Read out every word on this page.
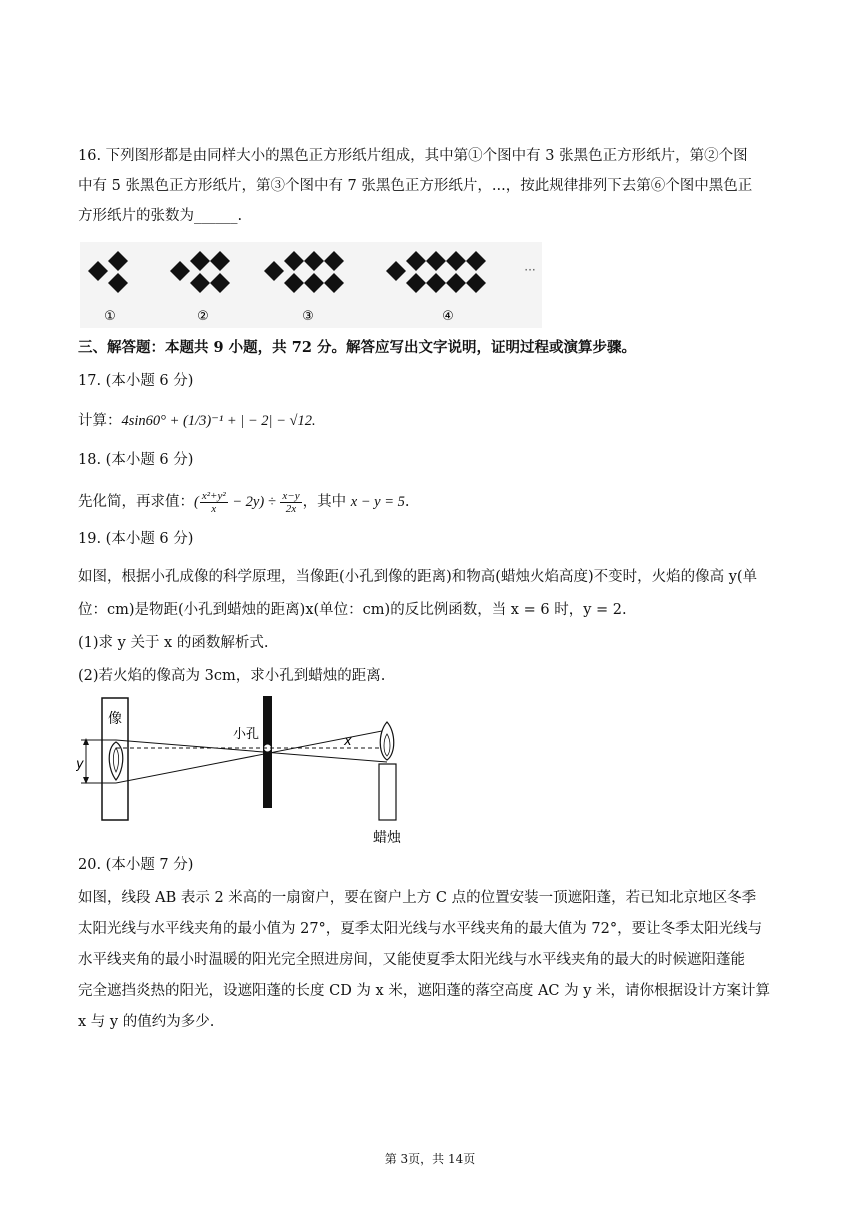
16. 下列图形都是由同样大小的黑色正方形纸片组成，其中第①个图中有 3 张黑色正方形纸片，第②个图
中有 5 张黑色正方形纸片，第③个图中有 7 张黑色正方形纸片，...，按此规律排列下去第⑥个图中黑色正
方形纸片的张数为______.
①	②	③	④
···
三、解答题：本题共 9 小题，共 72 分。解答应写出文字说明，证明过程或演算步骤。
17. (本小题 6 分)
计算：4sin60° + (1/3)⁻¹ + | − 2| − √12.
18. (本小题 6 分)
先化简，再求值：( $\frac{\text{x²+y²}}{x} - 2y) \div \frac{x-y}{2x}$ ，其中 x − y = 5.
19. (本小题 6 分)
如图，根据小孔成像的科学原理，当像距(小孔到像的距离)和物高(蜡烛火焰高度)不变时，火焰的像高 y(单
位：cm)是物距(小孔到蜡烛的距离)x(单位：cm)的反比例函数，当 x = 6 时，y = 2.
(1)求 y 关于 x 的函数解析式.
(2)若火焰的像高为 3cm，求小孔到蜡烛的距离.
像
y
小孔	x
蜡烛
20. (本小题 7 分)
如图，线段 AB 表示 2 米高的一扇窗户，要在窗户上方 C 点的位置安装一顶遮阳蓬，若已知北京地区冬季
太阳光线与水平线夹角的最小值为 27°，夏季太阳光线与水平线夹角的最大值为 72°，要让冬季太阳光线与
水平线夹角的最小时温暖的阳光完全照进房间，又能使夏季太阳光线与水平线夹角的最大的时候遮阳蓬能
完全遮挡炎热的阳光，设遮阳蓬的长度 CD 为 x 米，遮阳蓬的落空高度 AC 为 y 米，请你根据设计方案计算
x 与 y 的值约为多少.
第 3页，共 14页
